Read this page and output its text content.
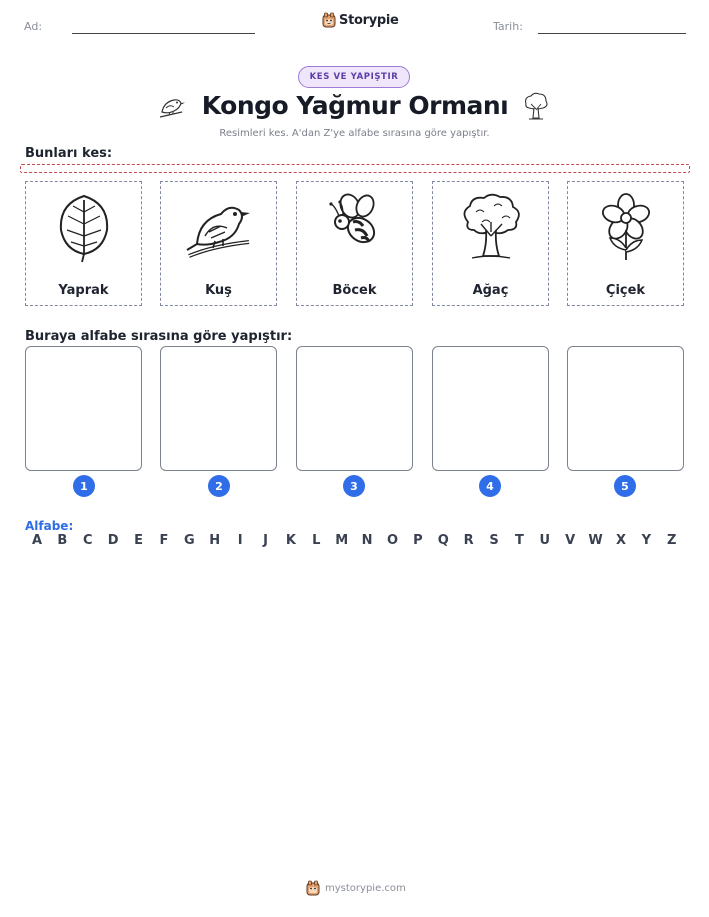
Ad:	Storypie	Tarih:
KES VE YAPIŞTIR
Kongo Yağmur Ormanı
Resimleri kes. A'dan Z'ye alfabe sırasına göre yapıştır.
Bunları kes:
Yaprak	Kuş	Böcek	Ağaç	Çiçek
Buraya alfabe sırasına göre yapıştır:
1	2	3	4	5
Alfabe:
A	B	C	D	E	F	G	H	I	J	K	L	M	N	O	P	Q	R	S	T	U	V	W	X	Y	Z
mystorypie.com
